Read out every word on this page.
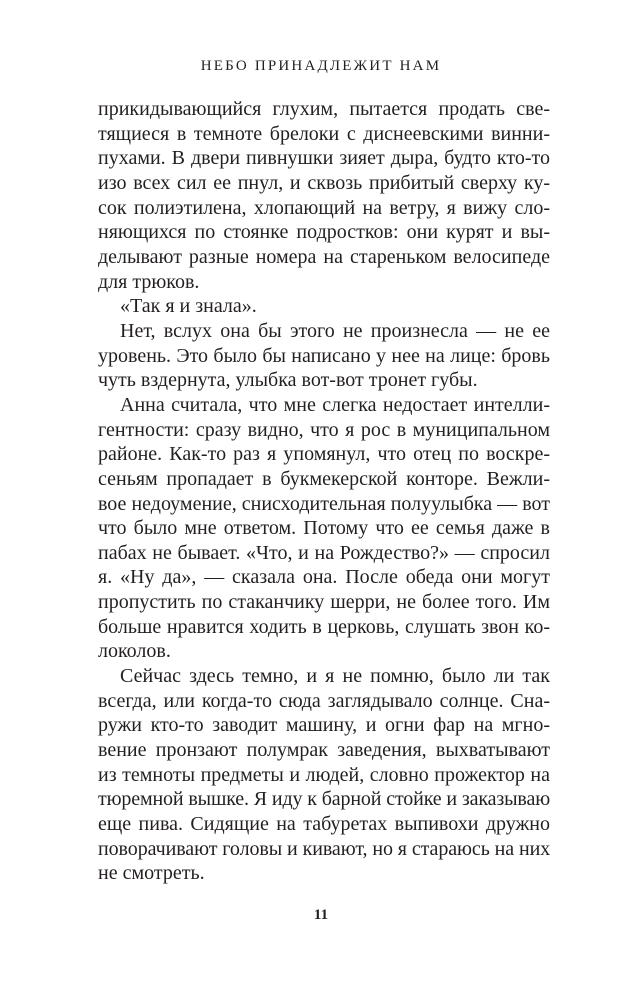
НЕБО ПРИНАДЛЕЖИТ НАМ
прикидывающийся глухим, пытается продать све-
тящиеся в темноте брелоки с диснеевскими винни-
пухами. В двери пивнушки зияет дыра, будто кто-то
изо всех сил ее пнул, и сквозь прибитый сверху ку-
сок полиэтилена, хлопающий на ветру, я вижу сло-
няющихся по стоянке подростков: они курят и вы-
делывают разные номера на стареньком велосипеде
для трюков.
«Так я и знала».
Нет, вслух она бы этого не произнесла — не ее
уровень. Это было бы написано у нее на лице: бровь
чуть вздернута, улыбка вот-вот тронет губы.
Анна считала, что мне слегка недостает интелли-
гентности: сразу видно, что я рос в муниципальном
районе. Как-то раз я упомянул, что отец по воскре-
сеньям пропадает в букмекерской конторе. Вежли-
вое недоумение, снисходительная полуулыбка — вот
что было мне ответом. Потому что ее семья даже в
пабах не бывает. «Что, и на Рождество?» — спросил
я. «Ну да», — сказала она. После обеда они могут
пропустить по стаканчику шерри, не более того. Им
больше нравится ходить в церковь, слушать звон ко-
локолов.
Сейчас здесь темно, и я не помню, было ли так
всегда, или когда-то сюда заглядывало солнце. Сна-
ружи кто-то заводит машину, и огни фар на мгно-
вение пронзают полумрак заведения, выхватывают
из темноты предметы и людей, словно прожектор на
тюремной вышке. Я иду к барной стойке и заказываю
еще пива. Сидящие на табуретах выпивохи дружно
поворачивают головы и кивают, но я стараюсь на них
не смотреть.
11
